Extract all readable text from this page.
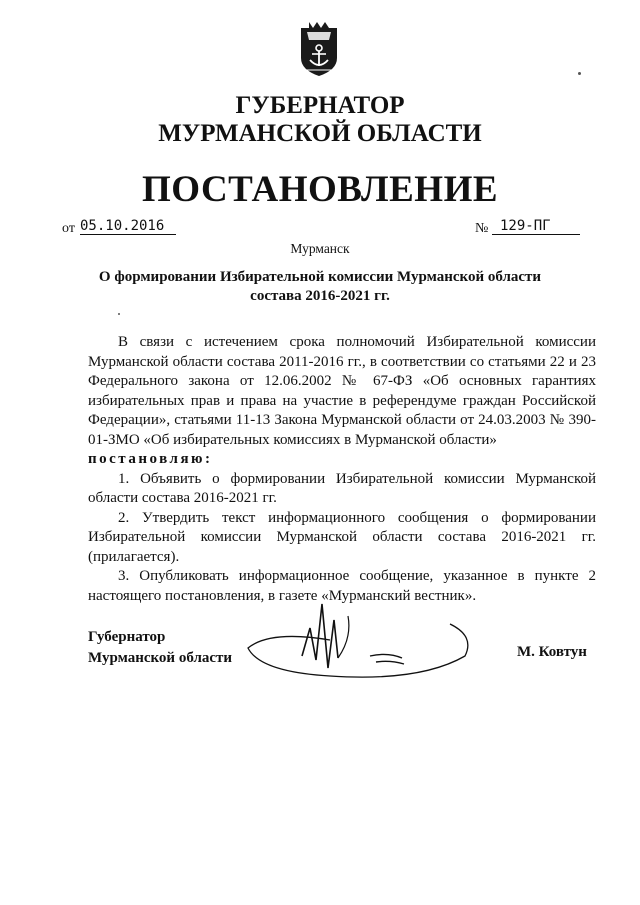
ГУБЕРНАТОР
МУРМАНСКОЙ ОБЛАСТИ
ПОСТАНОВЛЕНИЕ
от 05.10.2016	№ 129-ПГ
Мурманск
О формировании Избирательной комиссии Мурманской области
состава 2016-2021 гг.

В связи с истечением срока полномочий Избирательной комиссии Мурманской области состава 2011-2016 гг., в соответствии со статьями 22 и 23 Федерального закона от 12.06.2002 № 67-ФЗ «Об основных гарантиях избирательных прав и права на участие в референдуме граждан Российской Федерации», статьями 11-13 Закона Мурманской области от 24.03.2003 № 390-01-ЗМО «Об избирательных комиссиях в Мурманской области»

постановляю:

1. Объявить о формировании Избирательной комиссии Мурманской области состава 2016-2021 гг.

2. Утвердить текст информационного сообщения о формировании Избирательной комиссии Мурманской области состава 2016-2021 гг. (прилагается).

3. Опубликовать информационное сообщение, указанное в пункте 2 настоящего постановления, в газете «Мурманский вестник».

Губернатор
Мурманской области	М. Ковтун
